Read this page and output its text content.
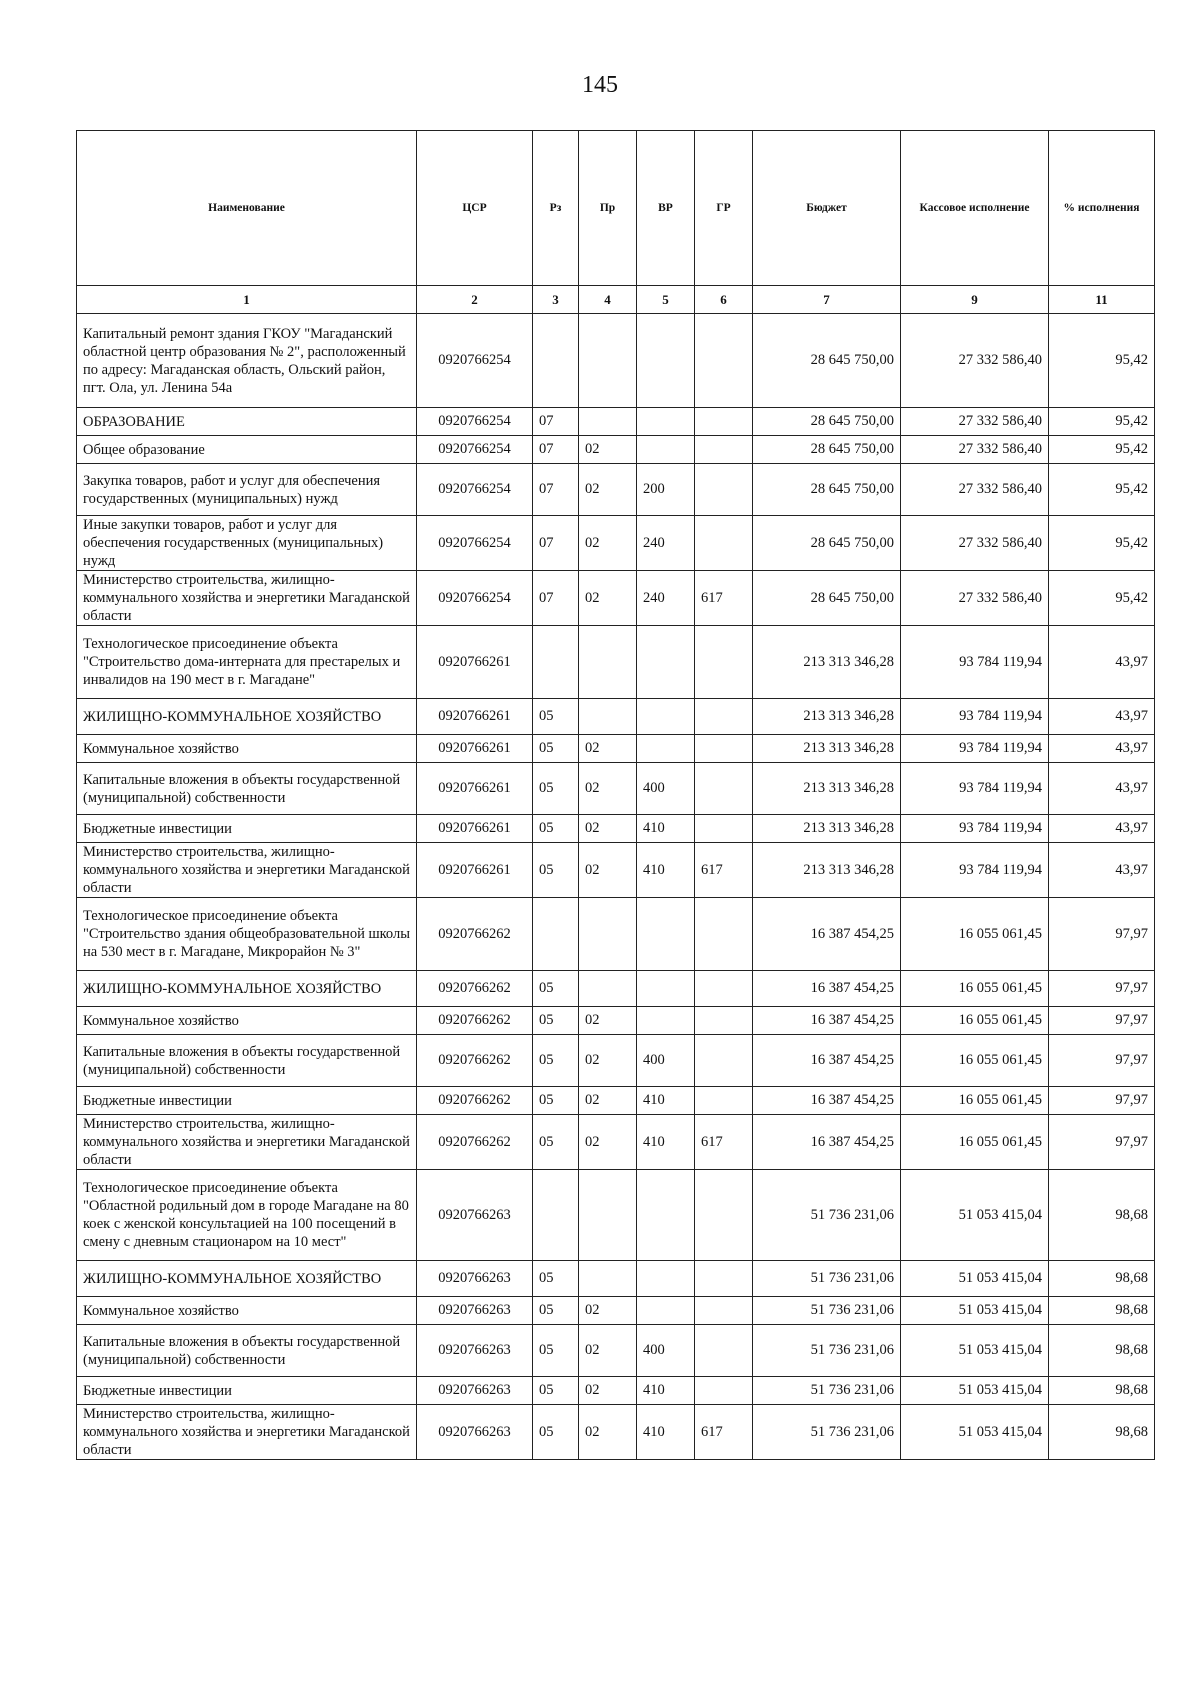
145
Наименование	ЦСР	Рз	Пр	ВР	ГР	Бюджет	Кассовое исполнение	% исполнения
1	2	3	4	5	6	7	9	11
Капитальный ремонт здания ГКОУ "Магаданский областной центр образования № 2", расположенный по адресу: Магаданская область, Ольский район, пгт. Ола, ул. Ленина 54а	0920766254					28 645 750,00	27 332 586,40	95,42
ОБРАЗОВАНИЕ	0920766254	07				28 645 750,00	27 332 586,40	95,42
Общее образование	0920766254	07	02			28 645 750,00	27 332 586,40	95,42
Закупка товаров, работ и услуг для обеспечения государственных (муниципальных) нужд	0920766254	07	02	200		28 645 750,00	27 332 586,40	95,42
Иные закупки товаров, работ и услуг для обеспечения государственных (муниципальных) нужд	0920766254	07	02	240		28 645 750,00	27 332 586,40	95,42
Министерство строительства, жилищно-коммунального хозяйства и энергетики Магаданской области	0920766254	07	02	240	617	28 645 750,00	27 332 586,40	95,42
Технологическое присоединение объекта "Строительство дома-интерната для престарелых и инвалидов на 190 мест в г. Магадане"	0920766261					213 313 346,28	93 784 119,94	43,97
ЖИЛИЩНО-КОММУНАЛЬНОЕ ХОЗЯЙСТВО	0920766261	05				213 313 346,28	93 784 119,94	43,97
Коммунальное хозяйство	0920766261	05	02			213 313 346,28	93 784 119,94	43,97
Капитальные вложения в объекты государственной (муниципальной) собственности	0920766261	05	02	400		213 313 346,28	93 784 119,94	43,97
Бюджетные инвестиции	0920766261	05	02	410		213 313 346,28	93 784 119,94	43,97
Министерство строительства, жилищно-коммунального хозяйства и энергетики Магаданской области	0920766261	05	02	410	617	213 313 346,28	93 784 119,94	43,97
Технологическое присоединение объекта "Строительство здания общеобразовательной школы на 530 мест в г. Магадане, Микрорайон № 3"	0920766262					16 387 454,25	16 055 061,45	97,97
ЖИЛИЩНО-КОММУНАЛЬНОЕ ХОЗЯЙСТВО	0920766262	05				16 387 454,25	16 055 061,45	97,97
Коммунальное хозяйство	0920766262	05	02			16 387 454,25	16 055 061,45	97,97
Капитальные вложения в объекты государственной (муниципальной) собственности	0920766262	05	02	400		16 387 454,25	16 055 061,45	97,97
Бюджетные инвестиции	0920766262	05	02	410		16 387 454,25	16 055 061,45	97,97
Министерство строительства, жилищно-коммунального хозяйства и энергетики Магаданской области	0920766262	05	02	410	617	16 387 454,25	16 055 061,45	97,97
Технологическое присоединение объекта "Областной родильный дом в городе Магадане на 80 коек с женской консультацией на 100 посещений в смену с дневным стационаром на 10 мест"	0920766263					51 736 231,06	51 053 415,04	98,68
ЖИЛИЩНО-КОММУНАЛЬНОЕ ХОЗЯЙСТВО	0920766263	05				51 736 231,06	51 053 415,04	98,68
Коммунальное хозяйство	0920766263	05	02			51 736 231,06	51 053 415,04	98,68
Капитальные вложения в объекты государственной (муниципальной) собственности	0920766263	05	02	400		51 736 231,06	51 053 415,04	98,68
Бюджетные инвестиции	0920766263	05	02	410		51 736 231,06	51 053 415,04	98,68
Министерство строительства, жилищно-коммунального хозяйства и энергетики Магаданской области	0920766263	05	02	410	617	51 736 231,06	51 053 415,04	98,68
